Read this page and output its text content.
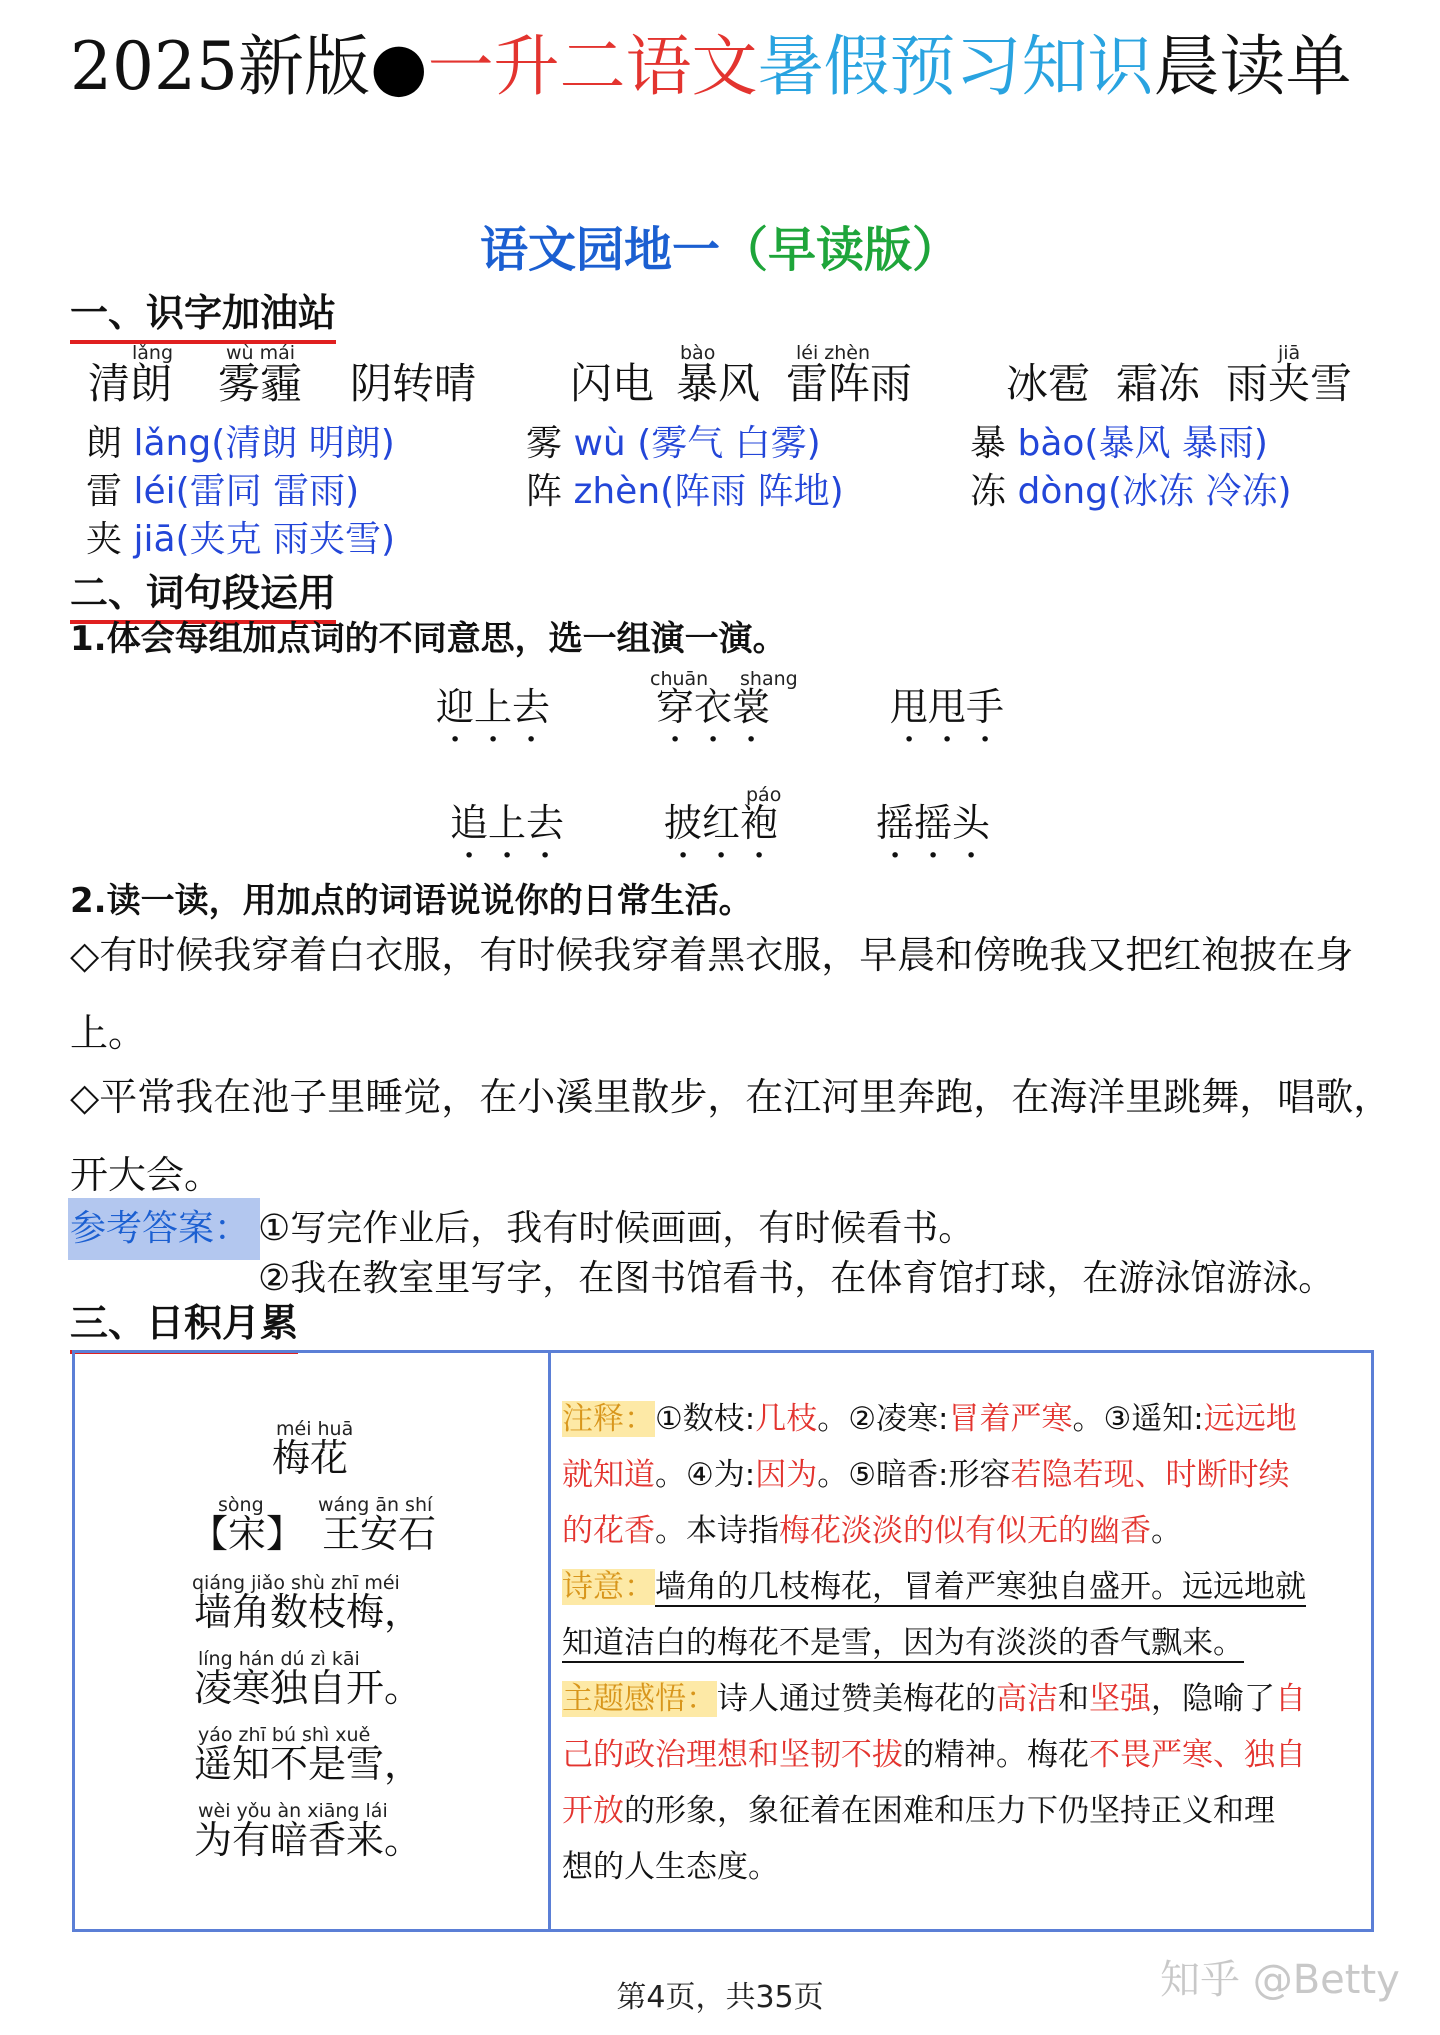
2025新版●一升二语文暑假预习知识晨读单
语文园地一（早读版）
一、识字加油站
lǎng	wù mái
清朗 雾霾 阴转晴
bào	léi zhèn
闪电 暴风 雷阵雨
jiā
冰雹 霜冻 雨夹雪
朗 lǎng(清朗 明朗)	雾 wù (雾气 白雾)	暴 bào(暴风 暴雨)
雷 léi(雷同 雷雨)	阵 zhèn(阵雨 阵地)	冻 dòng(冰冻 冷冻)
夹 jiā(夹克 雨夹雪)
二、词句段运用
1.体会每组加点词的不同意思，选一组演一演。
chuān shang
迎上去	穿衣裳	甩甩手
páo
追上去	披红袍	摇摇头
2.读一读，用加点的词语说说你的日常生活。
◇有时候我穿着白衣服，有时候我穿着黑衣服，早晨和傍晚我又把红袍披在身
上。
◇平常我在池子里睡觉，在小溪里散步，在江河里奔跑，在海洋里跳舞，唱歌，
开大会。
参考答案： ①写完作业后，我有时候画画，有时候看书。
②我在教室里写字，在图书馆看书，在体育馆打球，在游泳馆游泳。
三、日积月累
méi huā
梅花
sòng	wáng ān shí
【宋】 王安石
qiáng jiǎo shù zhī méi
墙角数枝梅，
líng hán dú zì kāi
凌寒独自开。
yáo zhī bú shì xuě
遥知不是雪，
wèi yǒu àn xiāng lái
为有暗香来。
注释：①数枝:几枝。②凌寒:冒着严寒。③遥知:远远地
就知道。④为:因为。⑤暗香:形容若隐若现、时断时续
的花香。本诗指梅花淡淡的似有似无的幽香。
诗意：墙角的几枝梅花，冒着严寒独自盛开。远远地就
知道洁白的梅花不是雪，因为有淡淡的香气飘来。
主题感悟：诗人通过赞美梅花的高洁和坚强，隐喻了自
己的政治理想和坚韧不拔的精神。梅花不畏严寒、独自
开放的形象，象征着在困难和压力下仍坚持正义和理
想的人生态度。
第4页，共35页	知乎 @Betty
